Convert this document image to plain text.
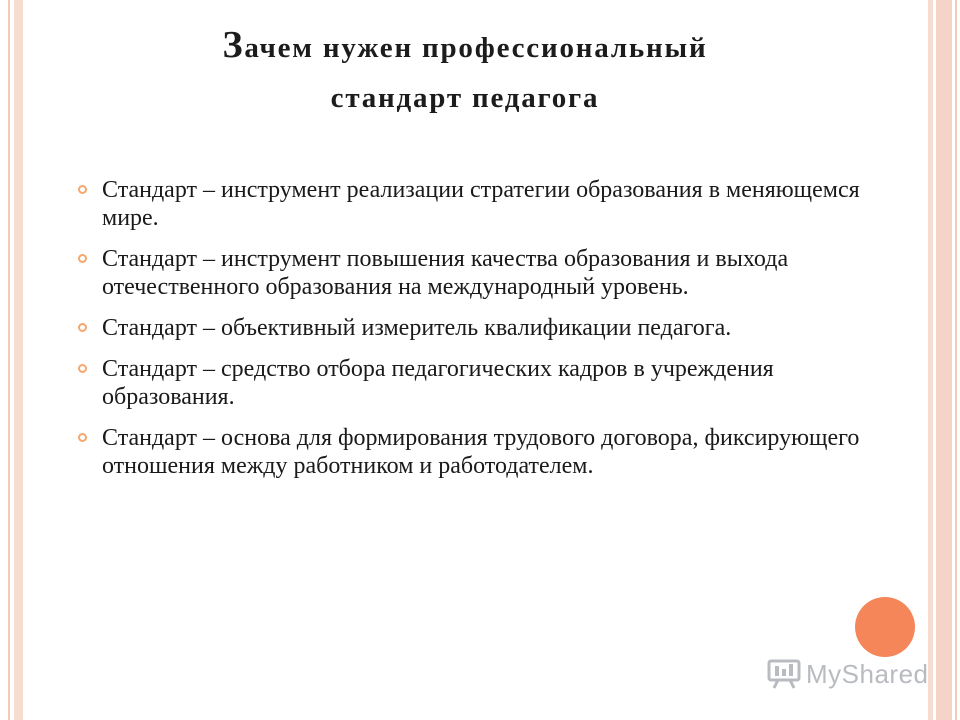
Зачем нужен профессиональный
стандарт педагога
Стандарт – инструмент реализации стратегии образования в меняющемся мире.
Стандарт – инструмент повышения качества образования и выхода отечественного образования на международный уровень.
Стандарт – объективный измеритель квалификации педагога.
Стандарт – средство отбора педагогических кадров в учреждения образования.
Стандарт – основа для формирования трудового договора, фиксирующего отношения между работником и работодателем.
MyShared
